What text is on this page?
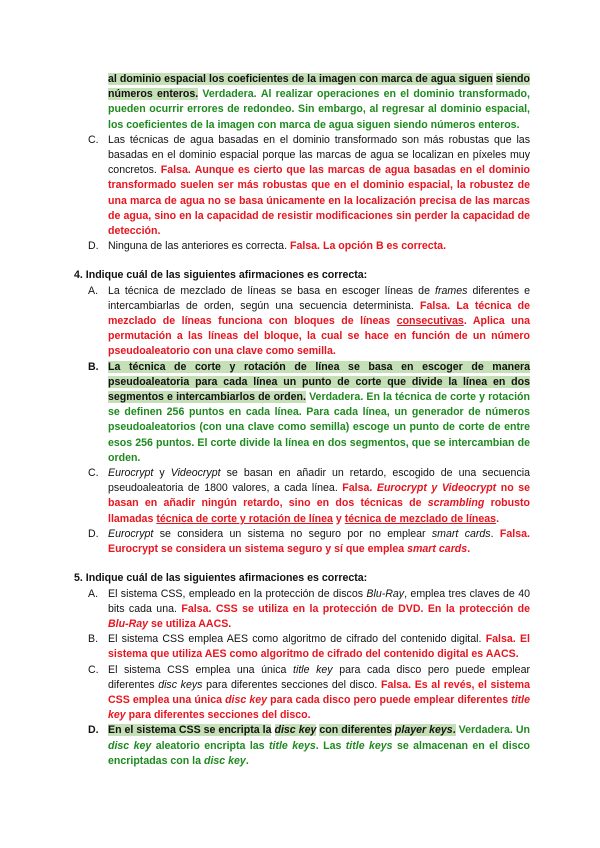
al dominio espacial los coeficientes de la imagen con marca de agua siguen siendo números enteros. Verdadera. Al realizar operaciones en el dominio transformado, pueden ocurrir errores de redondeo. Sin embargo, al regresar al dominio espacial, los coeficientes de la imagen con marca de agua siguen siendo números enteros.
C. Las técnicas de agua basadas en el dominio transformado son más robustas que las basadas en el dominio espacial porque las marcas de agua se localizan en píxeles muy concretos. Falsa. Aunque es cierto que las marcas de agua basadas en el dominio transformado suelen ser más robustas que en el dominio espacial, la robustez de una marca de agua no se basa únicamente en la localización precisa de las marcas de agua, sino en la capacidad de resistir modificaciones sin perder la capacidad de detección.
D. Ninguna de las anteriores es correcta. Falsa. La opción B es correcta.
4. Indique cuál de las siguientes afirmaciones es correcta:
A. La técnica de mezclado de líneas se basa en escoger líneas de frames diferentes e intercambiarlas de orden, según una secuencia determinista. Falsa. La técnica de mezclado de líneas funciona con bloques de líneas consecutivas. Aplica una permutación a las líneas del bloque, la cual se hace en función de un número pseudoaleatorio con una clave como semilla.
B. La técnica de corte y rotación de línea se basa en escoger de manera pseudoaleatoria para cada línea un punto de corte que divide la línea en dos segmentos e intercambiarlos de orden. Verdadera. En la técnica de corte y rotación se definen 256 puntos en cada línea. Para cada línea, un generador de números pseudoaleatorios (con una clave como semilla) escoge un punto de corte de entre esos 256 puntos. El corte divide la línea en dos segmentos, que se intercambian de orden.
C. Eurocrypt y Videocrypt se basan en añadir un retardo, escogido de una secuencia pseudoaleatoria de 1800 valores, a cada línea. Falsa. Eurocrypt y Videocrypt no se basan en añadir ningún retardo, sino en dos técnicas de scrambling robusto llamadas técnica de corte y rotación de línea y técnica de mezclado de líneas.
D. Eurocrypt se considera un sistema no seguro por no emplear smart cards. Falsa. Eurocrypt se considera un sistema seguro y sí que emplea smart cards.
5. Indique cuál de las siguientes afirmaciones es correcta:
A. El sistema CSS, empleado en la protección de discos Blu-Ray, emplea tres claves de 40 bits cada una. Falsa. CSS se utiliza en la protección de DVD. En la protección de Blu-Ray se utiliza AACS.
B. El sistema CSS emplea AES como algoritmo de cifrado del contenido digital. Falsa. El sistema que utiliza AES como algoritmo de cifrado del contenido digital es AACS.
C. El sistema CSS emplea una única title key para cada disco pero puede emplear diferentes disc keys para diferentes secciones del disco. Falsa. Es al revés, el sistema CSS emplea una única disc key para cada disco pero puede emplear diferentes title key para diferentes secciones del disco.
D. En el sistema CSS se encripta la disc key con diferentes player keys. Verdadera. Un disc key aleatorio encripta las title keys. Las title keys se almacenan en el disco encriptadas con la disc key.
